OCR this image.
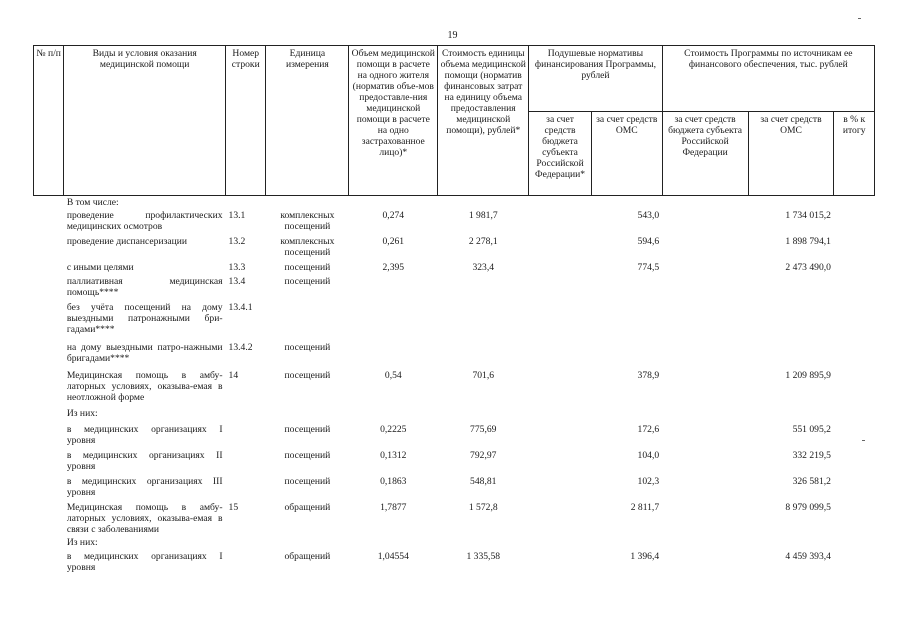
19
№ п/п	Виды и условия оказания медицинской помощи	Номер строки	Единица измерения	Объем медицинской помощи в расчете на одного жителя (норматив объе-мов предоставле-ния медицинской помощи в расчете на одно застрахованное лицо)*	Стоимость единицы объема медицинской помощи (норматив финансовых затрат на единицу объема предоставления медицинской помощи), рублей*	Подушевые нормативы финансирования Программы, рублей		Стоимость Программы по источникам ее финансового обеспечения, тыс. рублей		
						за счет средств бюджета субъекта Российской Федерации*	за счет средств ОМС	за счет средств бюджета субъекта Российской Федерации	за счет средств ОМС	в % к итогу
	В том числе:									
	проведение профилактических медицинских осмотров	13.1	комплексных посещений	0,274	1 981,7		543,0		1 734 015,2	
	проведение диспансеризации	13.2	комплексных посещений	0,261	2 278,1		594,6		1 898 794,1	
	с иными целями	13.3	посещений	2,395	323,4		774,5		2 473 490,0	
	паллиативная медицинская помощь****	13.4	посещений							
	без учёта посещений на дому выездными патронажными бри-гадами****	13.4.1								
	на дому выездными патро-нажными бригадами****	13.4.2	посещений							
	Медицинская помощь в амбу-латорных условиях, оказыва-емая в неотложной форме	14	посещений	0,54	701,6		378,9		1 209 895,9	
	Из них:									
	в медицинских организациях I уровня		посещений	0,2225	775,69		172,6		551 095,2	
	в медицинских организациях II уровня		посещений	0,1312	792,97		104,0		332 219,5	
	в медицинских организациях III уровня		посещений	0,1863	548,81		102,3		326 581,2	
	Медицинская помощь в амбу-латорных условиях, оказыва-емая в связи с заболеваниями	15	обращений	1,7877	1 572,8		2 811,7		8 979 099,5	
	Из них:									
	в медицинских организациях I уровня		обращений	1,04554	1 335,58		1 396,4		4 459 393,4	
